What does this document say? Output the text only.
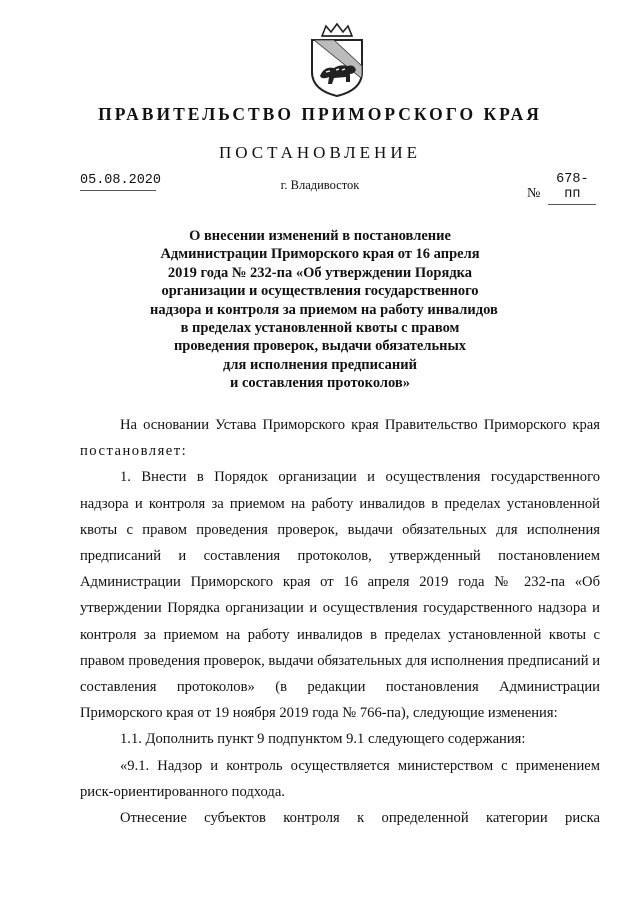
ПРАВИТЕЛЬСТВО ПРИМОРСКОГО КРАЯ
ПОСТАНОВЛЕНИЕ
05.08.2020	г. Владивосток
№678-пп
О внесении изменений в постановление
Администрации Приморского края от 16 апреля
2019 года № 232-па «Об утверждении Порядка
организации и осуществления государственного
надзора и контроля за приемом на работу инвалидов
в пределах установленной квоты с правом
проведения проверок, выдачи обязательных
для исполнения предписаний
и составления протоколов»

На основании Устава Приморского края Правительство Приморского края постановляет:

1. Внести в Порядок организации и осуществления государственного надзора и контроля за приемом на работу инвалидов в пределах установленной квоты с правом проведения проверок, выдачи обязательных для исполнения предписаний и составления протоколов, утвержденный постановлением Администрации Приморского края от 16 апреля 2019 года № 232-па «Об утверждении Порядка организации и осуществления государственного надзора и контроля за приемом на работу инвалидов в пределах установленной квоты с правом проведения проверок, выдачи обязательных для исполнения предписаний и составления протоколов» (в редакции постановления Администрации Приморского края от 19 ноября 2019 года № 766-па), следующие изменения:

1.1. Дополнить пункт 9 подпунктом 9.1 следующего содержания:

«9.1. Надзор и контроль осуществляется министерством с применением риск-ориентированного подхода.

Отнесение субъектов контроля к определенной категории риска
